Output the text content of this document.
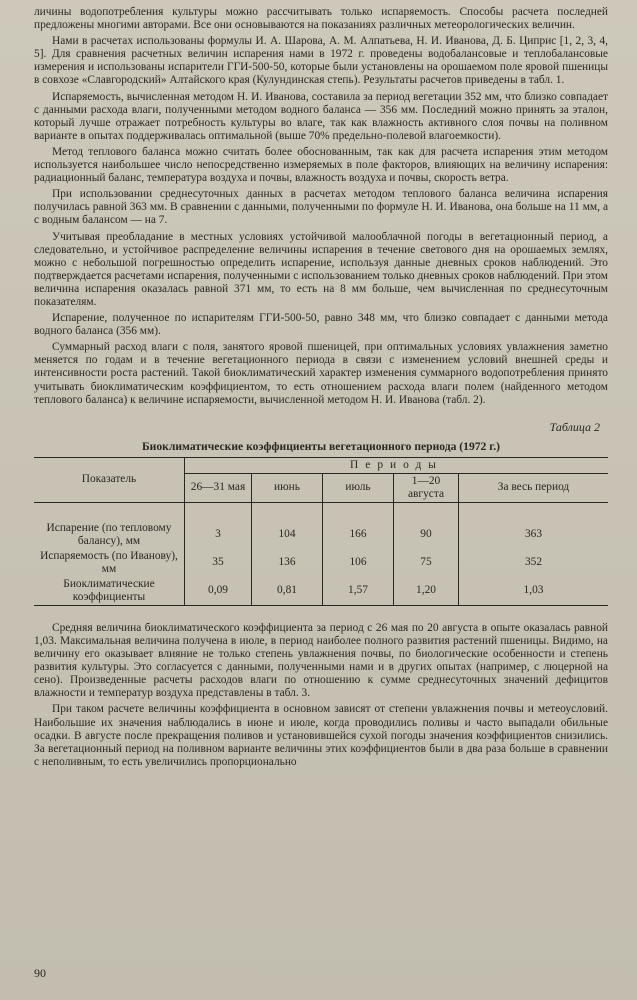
личины водопотребления культуры можно рассчитывать только испаряемость. Способы расчета последней предложены многими авторами. Все они основываются на показаниях различных метеорологических величин.

Нами в расчетах использованы формулы И. А. Шарова, А. М. Алпатьева, Н. И. Иванова, Д. Б. Циприс [1, 2, 3, 4, 5]. Для сравнения расчетных величин испарения нами в 1972 г. проведены водобалансовые и теплобалансовые измерения и использованы испарители ГГИ-500-50, которые были установлены на орошаемом поле яровой пшеницы в совхозе «Славгородский» Алтайского края (Кулундинская степь). Результаты расчетов приведены в табл. 1.

Испаряемость, вычисленная методом Н. И. Иванова, составила за период вегетации 352 мм, что близко совпадает с данными расхода влаги, полученными методом водного баланса — 356 мм. Последний можно принять за эталон, который лучше отражает потребность культуры во влаге, так как влажность активного слоя почвы на поливном варианте в опытах поддерживалась оптимальной (выше 70% предельно-полевой влагоемкости).

Метод теплового баланса можно считать более обоснованным, так как для расчета испарения этим методом используется наибольшее число непосредственно измеряемых в поле факторов, влияющих на величину испарения: радиационный баланс, температура воздуха и почвы, влажность воздуха и почвы, скорость ветра.

При использовании среднесуточных данных в расчетах методом теплового баланса величина испарения получилась равной 363 мм. В сравнении с данными, полученными по формуле Н. И. Иванова, она больше на 11 мм, а с водным балансом — на 7.

Учитывая преобладание в местных условиях устойчивой малооблачной погоды в вегетационный период, а следовательно, и устойчивое распределение величины испарения в течение светового дня на орошаемых землях, можно с небольшой погрешностью определить испарение, используя данные дневных сроков наблюдений. Это подтверждается расчетами испарения, полученными с использованием только дневных сроков наблюдений. При этом величина испарения оказалась равной 371 мм, то есть на 8 мм больше, чем вычисленная по среднесуточным показателям.

Испарение, полученное по испарителям ГГИ-500-50, равно 348 мм, что близко совпадает с данными метода водного баланса (356 мм).

Суммарный расход влаги с поля, занятого яровой пшеницей, при оптимальных условиях увлажнения заметно меняется по годам и в течение вегетационного периода в связи с изменением условий внешней среды и интенсивности роста растений. Такой биоклиматический характер изменения суммарного водопотребления принято учитывать биоклиматическим коэффициентом, то есть отношением расхода влаги полем (найденного методом теплового баланса) к величине испаряемости, вычисленной методом Н. И. Иванова (табл. 2).

Таблица 2
Биоклиматические коэффициенты вегетационного периода (1972 г.)
Показатель	Периоды				
	26—31 мая	июнь	июль	1—20 августа	За весь период

Испарение (по тепловому балансу), мм	3	104	166	90	363
Испаряемость (по Иванову), мм	35	136	106	75	352
Биоклиматические коэффициенты	0,09	0,81	1,57	1,20	1,03

Средняя величина биоклиматического коэффициента за период с 26 мая по 20 августа в опыте оказалась равной 1,03. Максимальная величина получена в июле, в период наиболее полного развития растений пшеницы. Видимо, на величину его оказывает влияние не только степень увлажнения почвы, по биологические особенности и степень развития культуры. Это согласуется с данными, полученными нами и в других опытах (например, с люцерной на сено). Произведенные расчеты расходов влаги по отношению к сумме среднесуточных значений дефицитов влажности и температур воздуха представлены в табл. 3.

При таком расчете величины коэффициента в основном зависят от степени увлажнения почвы и метеоусловий. Наибольшие их значения наблюдались в июне и июле, когда проводились поливы и часто выпадали обильные осадки. В августе после прекращения поливов и установившейся сухой погоды значения коэффициентов снизились. За вегетационный период на поливном варианте величины этих коэффициентов были в два раза больше в сравнении с неполивным, то есть увеличились пропорционально

90
